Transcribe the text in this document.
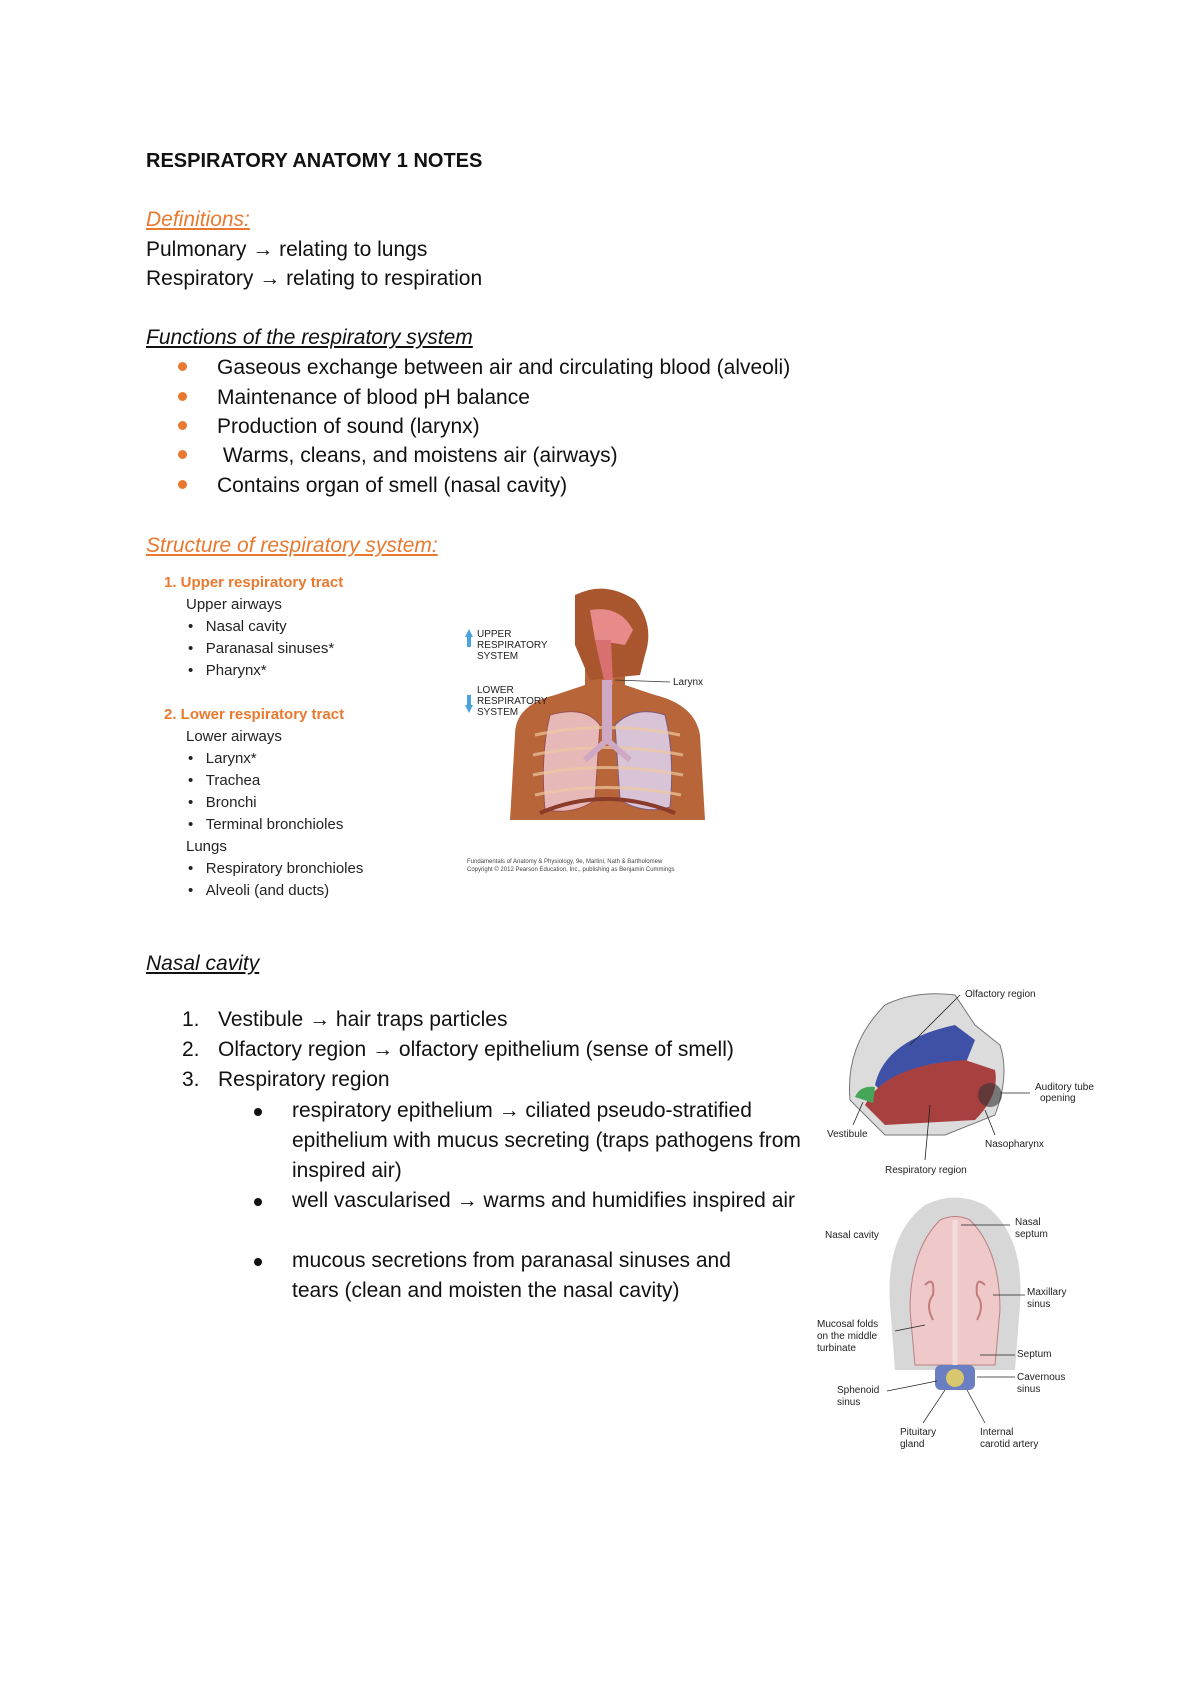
RESPIRATORY ANATOMY 1 NOTES
Definitions:
Pulmonary → relating to lungs
Respiratory → relating to respiration
Functions of the respiratory system
Gaseous exchange between air and circulating blood (alveoli)
Maintenance of blood pH balance
Production of sound (larynx)
Warms, cleans, and moistens air (airways)
Contains organ of smell (nasal cavity)
Structure of respiratory system:
1. Upper respiratory tract
Upper airways
•   Nasal cavity
•   Paranasal sinuses*
•   Pharynx*
2. Lower respiratory tract
Lower airways
•   Larynx*
•   Trachea
•   Bronchi
•   Terminal bronchioles
Lungs
•   Respiratory bronchioles
•   Alveoli (and ducts)
UPPER
RESPIRATORY
SYSTEM
LOWER
RESPIRATORY
SYSTEM
Larynx
Fundamentals of Anatomy & Physiology, 9e, Martini, Nath & Bartholomew
Copyright © 2012 Pearson Education, Inc., publishing as Benjamin Cummings
Nasal cavity
1. Vestibule → hair traps particles
2. Olfactory region → olfactory epithelium (sense of smell)
3. Respiratory region
respiratory epithelium → ciliated pseudo-stratified epithelium with mucus secreting (traps pathogens from inspired air)
well vascularised → warms and humidifies inspired air
mucous secretions from paranasal sinuses and tears (clean and moisten the nasal cavity)
Olfactory region
Auditory tube
opening
Vestibule
Nasopharynx
Respiratory region
Nasal
septum
Nasal cavity
Maxillary
sinus
Mucosal folds
on the middle
turbinate
Septum
Cavernous
sinus
Sphenoid
sinus
Pituitary
gland
Internal
carotid artery
